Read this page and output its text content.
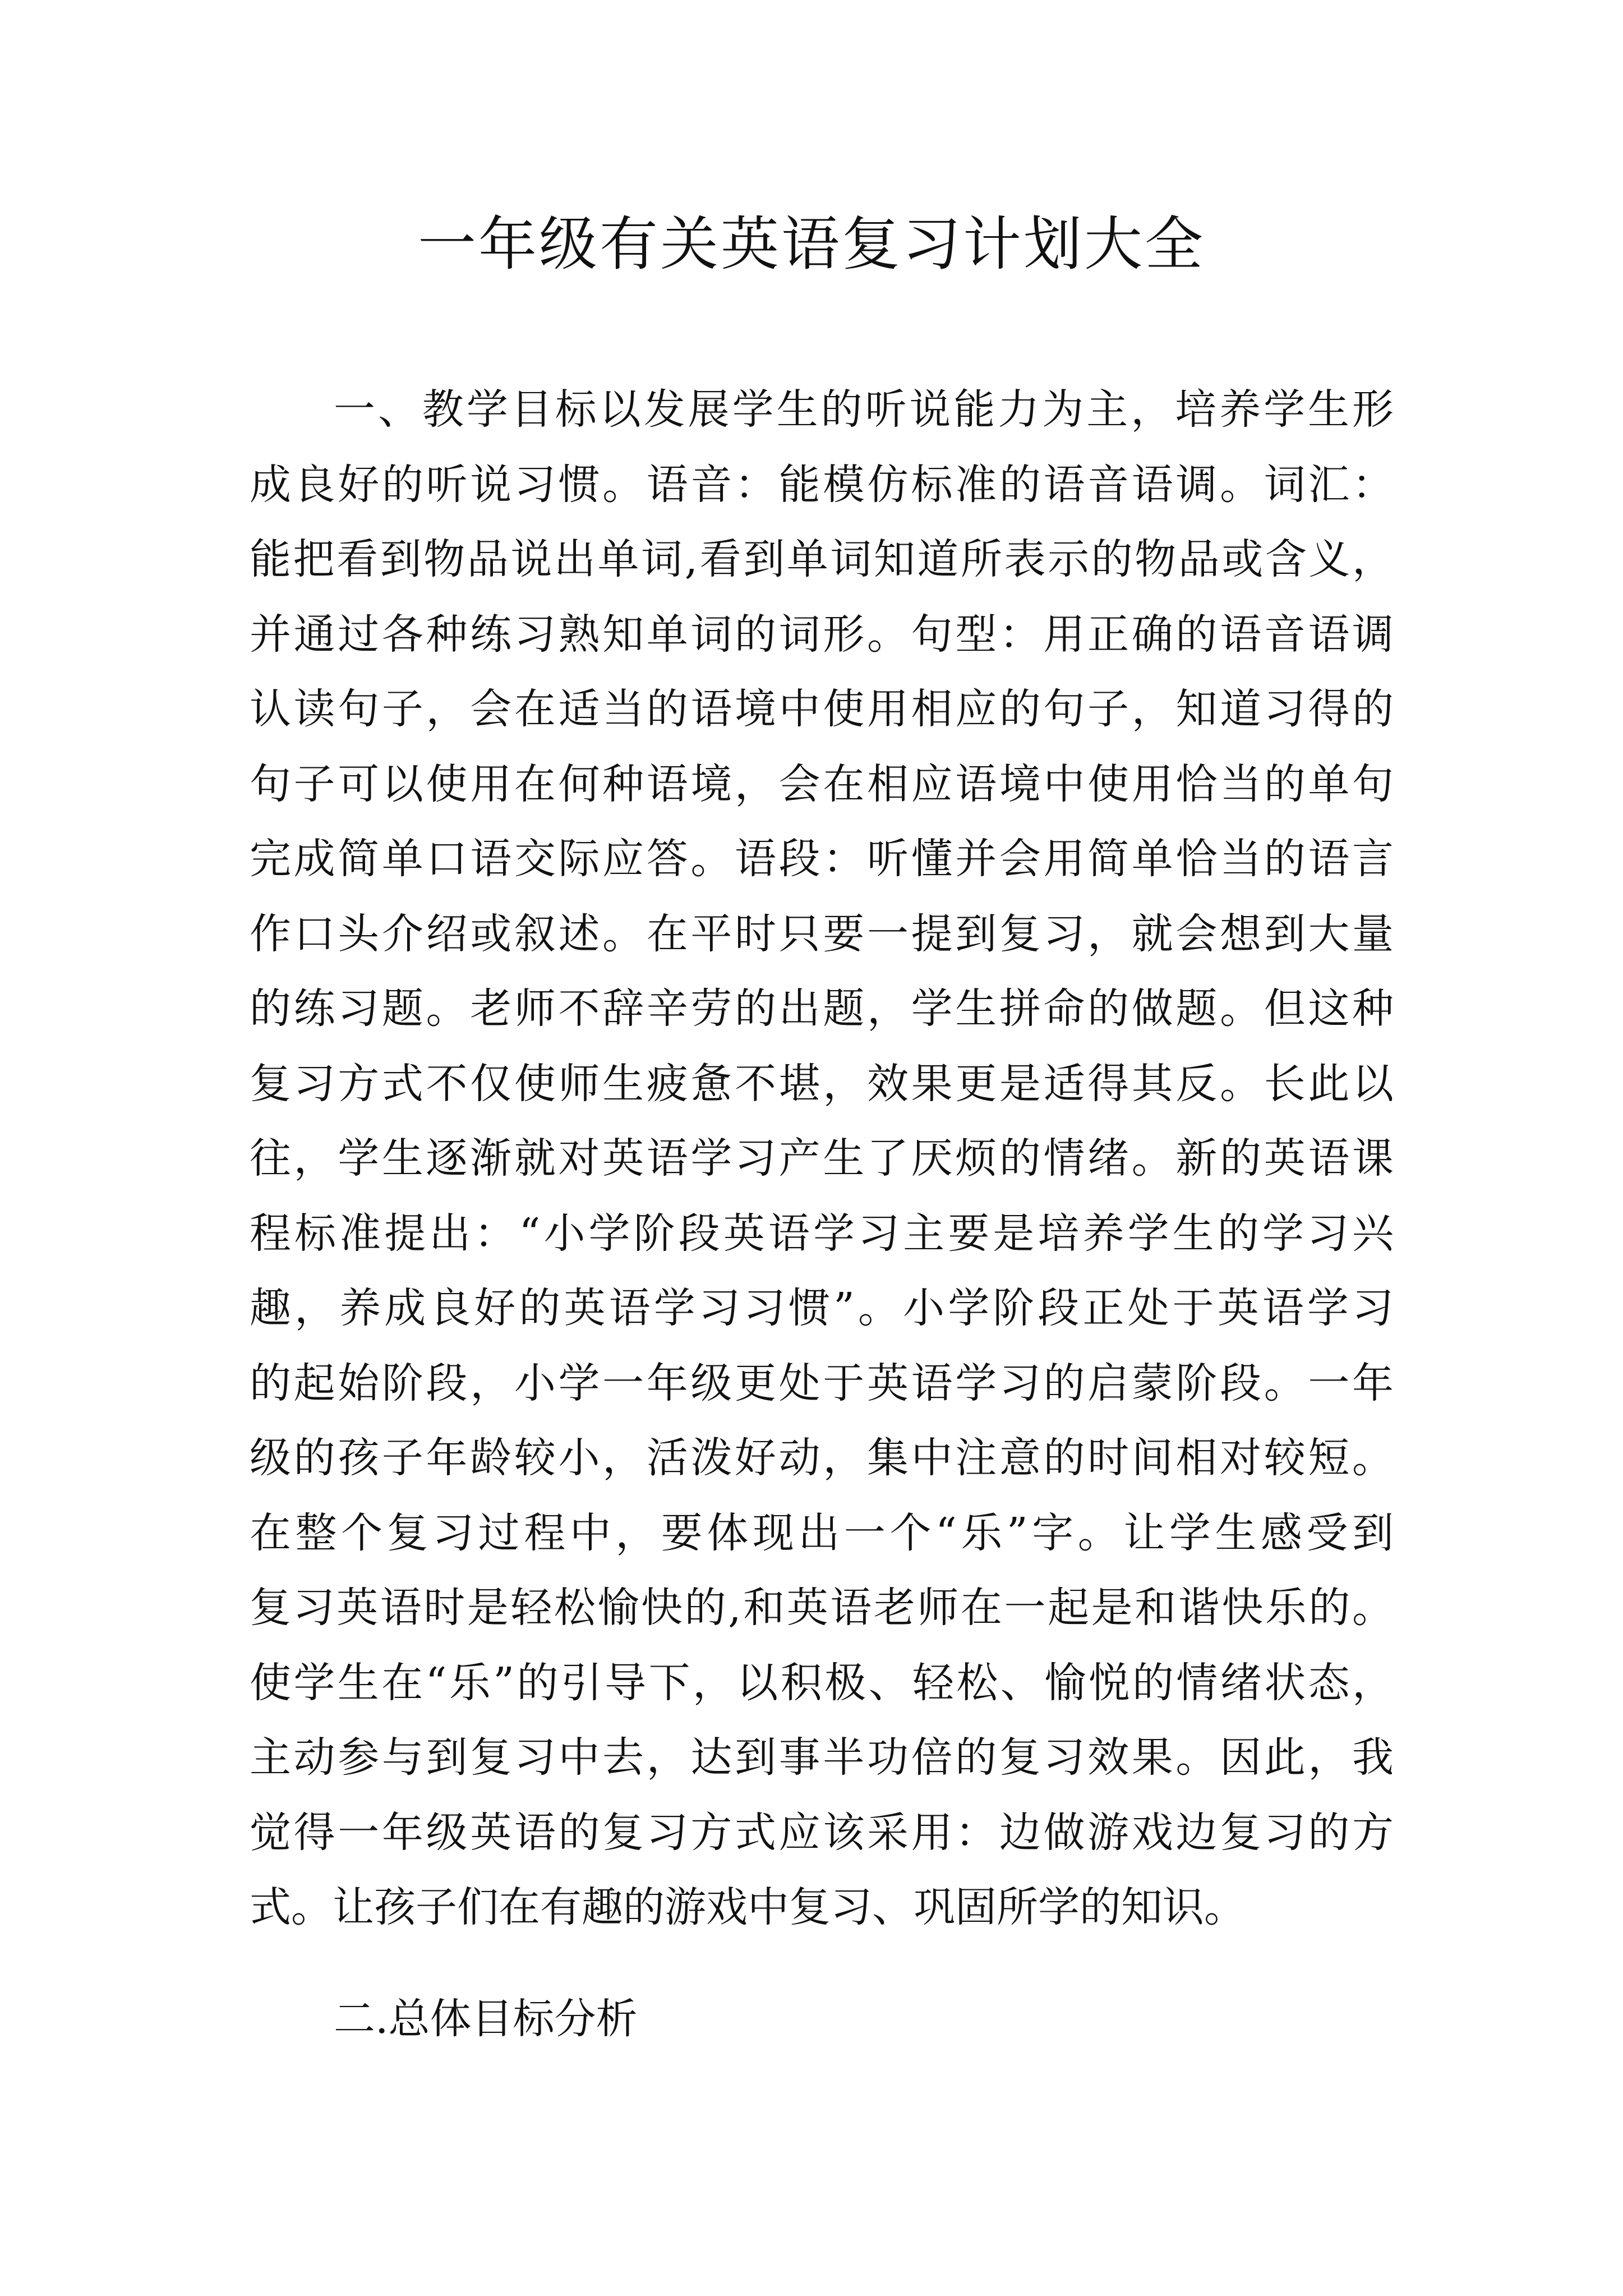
一年级有关英语复习计划大全
一、教学目标以发展学生的听说能力为主，培养学生形
成良好的听说习惯。语音：能模仿标准的语音语调。词汇：
能把看到物品说出单词,看到单词知道所表示的物品或含义，
并通过各种练习熟知单词的词形。句型：用正确的语音语调
认读句子，会在适当的语境中使用相应的句子，知道习得的
句子可以使用在何种语境，会在相应语境中使用恰当的单句
完成简单口语交际应答。语段：听懂并会用简单恰当的语言
作口头介绍或叙述。在平时只要一提到复习，就会想到大量
的练习题。老师不辞辛劳的出题，学生拼命的做题。但这种
复习方式不仅使师生疲惫不堪，效果更是适得其反。长此以
往，学生逐渐就对英语学习产生了厌烦的情绪。新的英语课
程标准提出：“小学阶段英语学习主要是培养学生的学习兴
趣，养成良好的英语学习习惯”。小学阶段正处于英语学习
的起始阶段，小学一年级更处于英语学习的启蒙阶段。一年
级的孩子年龄较小，活泼好动，集中注意的时间相对较短。
在整个复习过程中，要体现出一个“乐”字。让学生感受到
复习英语时是轻松愉快的,和英语老师在一起是和谐快乐的。
使学生在“乐”的引导下，以积极、轻松、愉悦的情绪状态，
主动参与到复习中去，达到事半功倍的复习效果。因此，我
觉得一年级英语的复习方式应该采用：边做游戏边复习的方
式。让孩子们在有趣的游戏中复习、巩固所学的知识。
二.总体目标分析
